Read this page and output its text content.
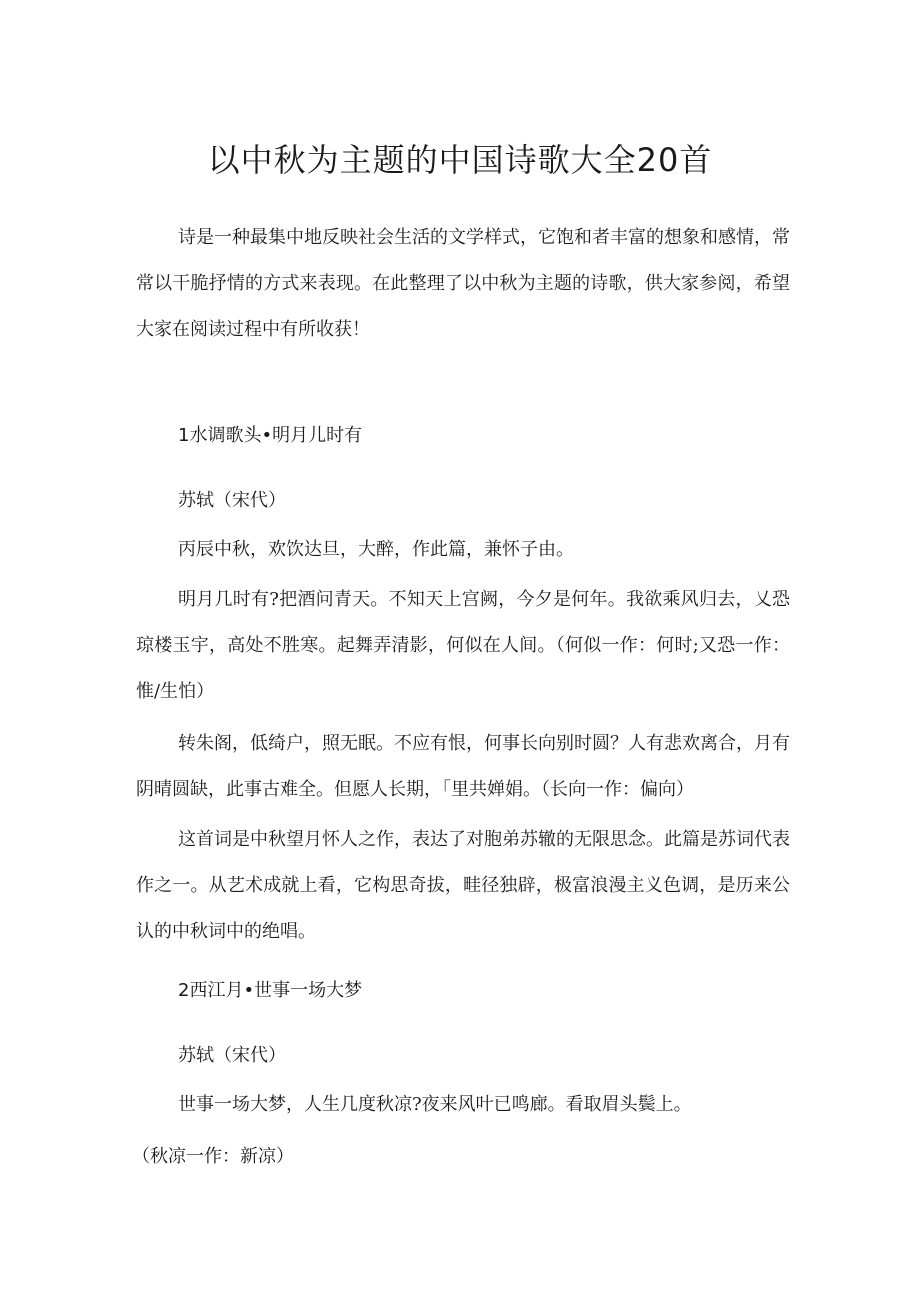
以中秋为主题的中国诗歌大全20首

诗是一种最集中地反映社会生活的文学样式，它饱和者丰富的想象和感情，常常以干脆抒情的方式来表现。在此整理了以中秋为主题的诗歌，供大家参阅，希望大家在阅读过程中有所收获！

1水调歌头•明月儿时有

苏轼（宋代）

丙辰中秋，欢饮达旦，大醉，作此篇，兼怀子由。

明月几时有?把酒问青天。不知天上宫阙，今夕是何年。我欲乘风归去，乂恐琼楼玉宇，高处不胜寒。起舞弄清影，何似在人间。（何似一作：何时;又恐一作：惟/生怕）

转朱阁，低绮户，照无眠。不应有恨，何事长向别时圆？人有悲欢离合，月有阴晴圆缺，此事古难全。但愿人长期，「里共婵娟。（长向一作：偏向）

这首词是中秋望月怀人之作，表达了对胞弟苏辙的无限思念。此篇是苏词代表作之一。从艺术成就上看，它构思奇拔，畦径独辟，极富浪漫主义色调，是历来公认的中秋词中的绝唱。

2西江月•世事一场大梦

苏轼（宋代）

世事一场大梦，人生几度秋凉?夜来风叶已鸣廊。看取眉头鬓上。

（秋凉一作：新凉）
